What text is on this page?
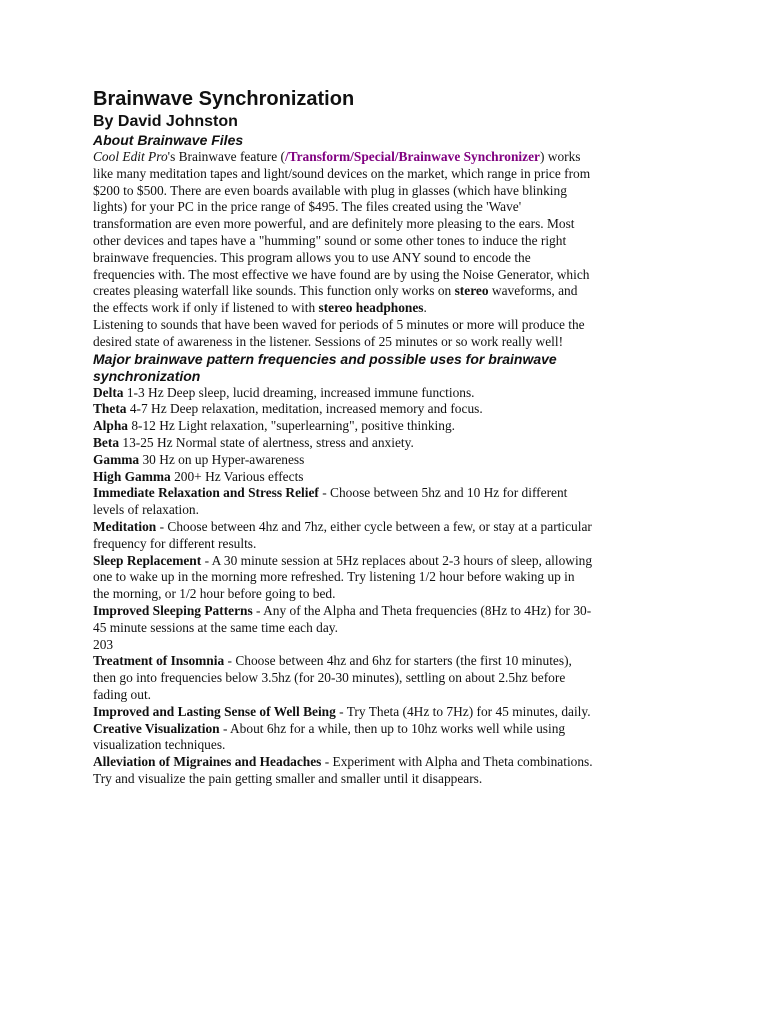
Brainwave Synchronization
By David Johnston
About Brainwave Files

Cool Edit Pro's Brainwave feature (/Transform/Special/Brainwave Synchronizer) works like many meditation tapes and light/sound devices on the market, which range in price from $200 to $500. There are even boards available with plug in glasses (which have blinking lights) for your PC in the price range of $495. The files created using the 'Wave' transformation are even more powerful, and are definitely more pleasing to the ears. Most other devices and tapes have a "humming" sound or some other tones to induce the right brainwave frequencies. This program allows you to use ANY sound to encode the frequencies with. The most effective we have found are by using the Noise Generator, which creates pleasing waterfall like sounds. This function only works on stereo waveforms, and the effects work if only if listened to with stereo headphones.

Listening to sounds that have been waved for periods of 5 minutes or more will produce the desired state of awareness in the listener. Sessions of 25 minutes or so work really well!

Major brainwave pattern frequencies and possible uses for brainwave synchronization

Delta 1-3 Hz Deep sleep, lucid dreaming, increased immune functions.

Theta 4-7 Hz Deep relaxation, meditation, increased memory and focus.

Alpha 8-12 Hz Light relaxation, "superlearning", positive thinking.

Beta 13-25 Hz Normal state of alertness, stress and anxiety.

Gamma 30 Hz on up Hyper-awareness

High Gamma 200+ Hz Various effects

Immediate Relaxation and Stress Relief - Choose between 5hz and 10 Hz for different levels of relaxation.

Meditation - Choose between 4hz and 7hz, either cycle between a few, or stay at a particular frequency for different results.

Sleep Replacement - A 30 minute session at 5Hz replaces about 2-3 hours of sleep, allowing one to wake up in the morning more refreshed. Try listening 1/2 hour before waking up in the morning, or 1/2 hour before going to bed.

Improved Sleeping Patterns - Any of the Alpha and Theta frequencies (8Hz to 4Hz) for 30-45 minute sessions at the same time each day.

203

Treatment of Insomnia - Choose between 4hz and 6hz for starters (the first 10 minutes), then go into frequencies below 3.5hz (for 20-30 minutes), settling on about 2.5hz before fading out.

Improved and Lasting Sense of Well Being - Try Theta (4Hz to 7Hz) for 45 minutes, daily.

Creative Visualization - About 6hz for a while, then up to 10hz works well while using visualization techniques.

Alleviation of Migraines and Headaches - Experiment with Alpha and Theta combinations. Try and visualize the pain getting smaller and smaller until it disappears.
